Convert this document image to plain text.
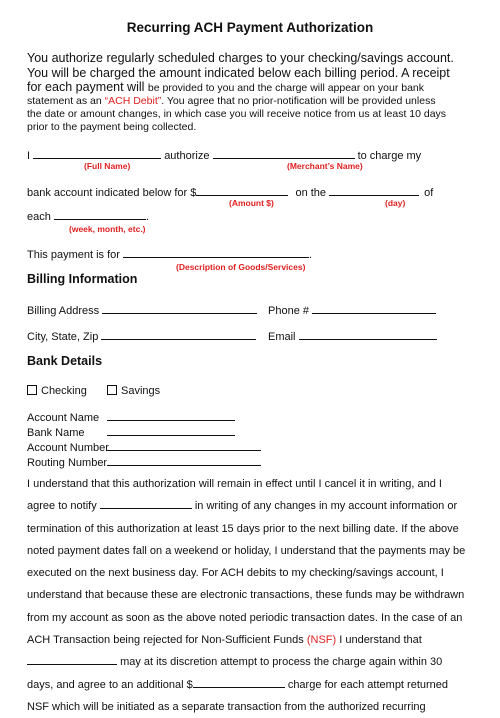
Recurring ACH Payment Authorization
You authorize regularly scheduled charges to your checking/savings account.
You will be charged the amount indicated below each billing period. A receipt
for each payment will be provided to you and the charge will appear on your bank
statement as an “ACH Debit”. You agree that no prior-notification will be provided unless
the date or amount changes, in which case you will receive notice from us at least 10 days
prior to the payment being collected.
I	authorize	to charge my
(Full Name)	(Merchant’s Name)
bank account indicated below for $	on the	of
(Amount $)	(day)
each	.
(week, month, etc.)
This payment is for	.
(Description of Goods/Services)
Billing Information
Billing Address	Phone #
City, State, Zip	Email
Bank Details
Checking	Savings
Account Name
Bank Name
Account Number
Routing Number
I understand that this authorization will remain in effect until I cancel it in writing, and I
agree to notify	in writing of any changes in my account information or
termination of this authorization at least 15 days prior to the next billing date. If the above
noted payment dates fall on a weekend or holiday, I understand that the payments may be
executed on the next business day. For ACH debits to my checking/savings account, I
understand that because these are electronic transactions, these funds may be withdrawn
from my account as soon as the above noted periodic transaction dates. In the case of an
ACH Transaction being rejected for Non-Sufficient Funds (NSF) I understand that
may at its discretion attempt to process the charge again within 30
days, and agree to an additional $	charge for each attempt returned
NSF which will be initiated as a separate transaction from the authorized recurring
